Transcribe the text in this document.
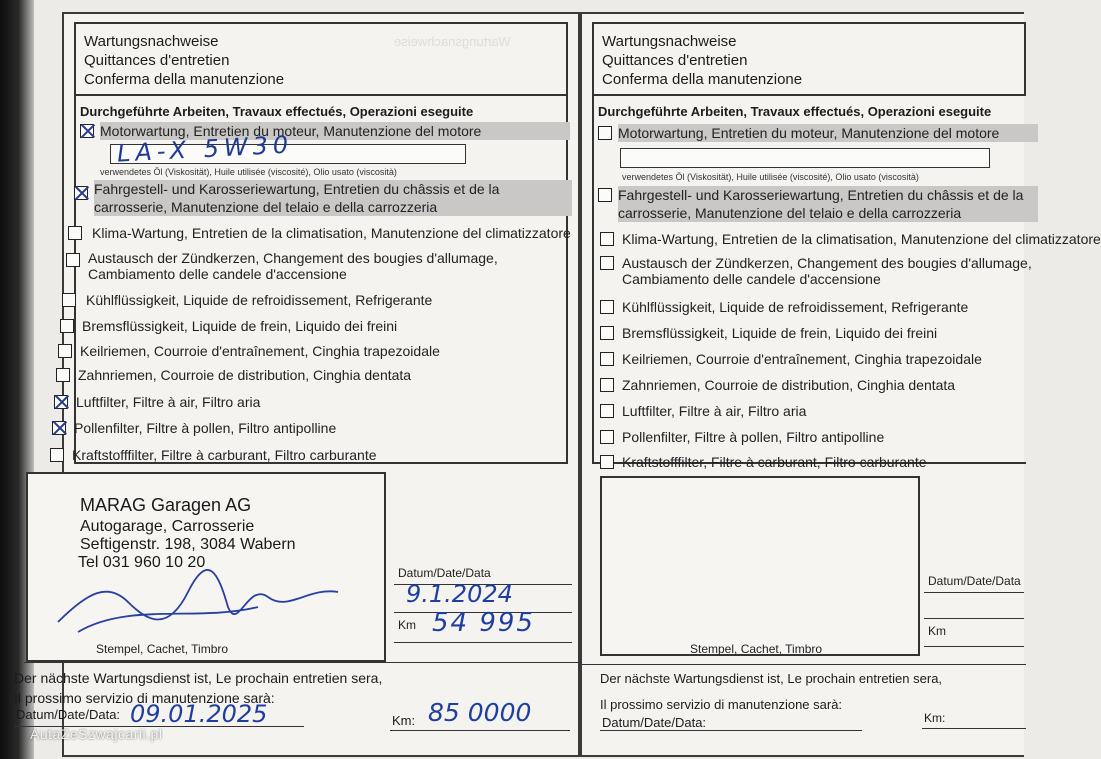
Wartungsnachweise
Quittances d'entretien
Conferma della manutenzione
Durchgeführte Arbeiten, Travaux effectués, Operazioni eseguite
Motorwartung, Entretien du moteur, Manutenzione del motore
LA-X 5W30
verwendetes Öl (Viskosität), Huile utilisée (viscosité), Olio usato (viscosità)
Fahrgestell- und Karosseriewartung, Entretien du châssis et de la
carrosserie, Manutenzione del telaio e della carrozzeria
Klima-Wartung, Entretien de la climatisation, Manutenzione del climatizzatore
Austausch der Zündkerzen, Changement des bougies d'allumage,
Cambiamento delle candele d'accensione
Kühlflüssigkeit, Liquide de refroidissement, Refrigerante
Bremsflüssigkeit, Liquide de frein, Liquido dei freini
Keilriemen, Courroie d'entraînement, Cinghia trapezoidale
Zahnriemen, Courroie de distribution, Cinghia dentata
Luftfilter, Filtre à air, Filtro aria
Pollenfilter, Filtre à pollen, Filtro antipolline
Kraftstofffilter, Filtre à carburant, Filtro carburante
MARAG Garagen AG
Autogarage, Carrosserie
Seftigenstr. 198, 3084 Wabern
Tel 031 960 10 20
Stempel, Cachet, Timbro
Datum/Date/Data
9.1.2024
Km 54 995
Der nächste Wartungsdienst ist, Le prochain entretien sera,
Il prossimo servizio di manutenzione sarà:
Datum/Date/Data: 09.01.2025	Km: 85 0000
Wartungsnachweise	Wartungsnachweise
Quittances d'entretien
Conferma della manutenzione
Durchgeführte Arbeiten, Travaux effectués, Operazioni eseguite
Motorwartung, Entretien du moteur, Manutenzione del motore
verwendetes Öl (Viskosität), Huile utilisée (viscosité), Olio usato (viscosità)
Fahrgestell- und Karosseriewartung, Entretien du châssis et de la
carrosserie, Manutenzione del telaio e della carrozzeria
Klima-Wartung, Entretien de la climatisation, Manutenzione del climatizzatore
Austausch der Zündkerzen, Changement des bougies d'allumage,
Cambiamento delle candele d'accensione
Kühlflüssigkeit, Liquide de refroidissement, Refrigerante
Bremsflüssigkeit, Liquide de frein, Liquido dei freini
Keilriemen, Courroie d'entraînement, Cinghia trapezoidale
Zahnriemen, Courroie de distribution, Cinghia dentata
Luftfilter, Filtre à air, Filtro aria
Pollenfilter, Filtre à pollen, Filtro antipolline
Kraftstofffilter, Filtre à carburant, Filtro carburante
Stempel, Cachet, Timbro
Datum/Date/Data
Km
Der nächste Wartungsdienst ist, Le prochain entretien sera,
Il prossimo servizio di manutenzione sarà:
Datum/Date/Data:	Km:
AutaZeSzwajcarii.pl
